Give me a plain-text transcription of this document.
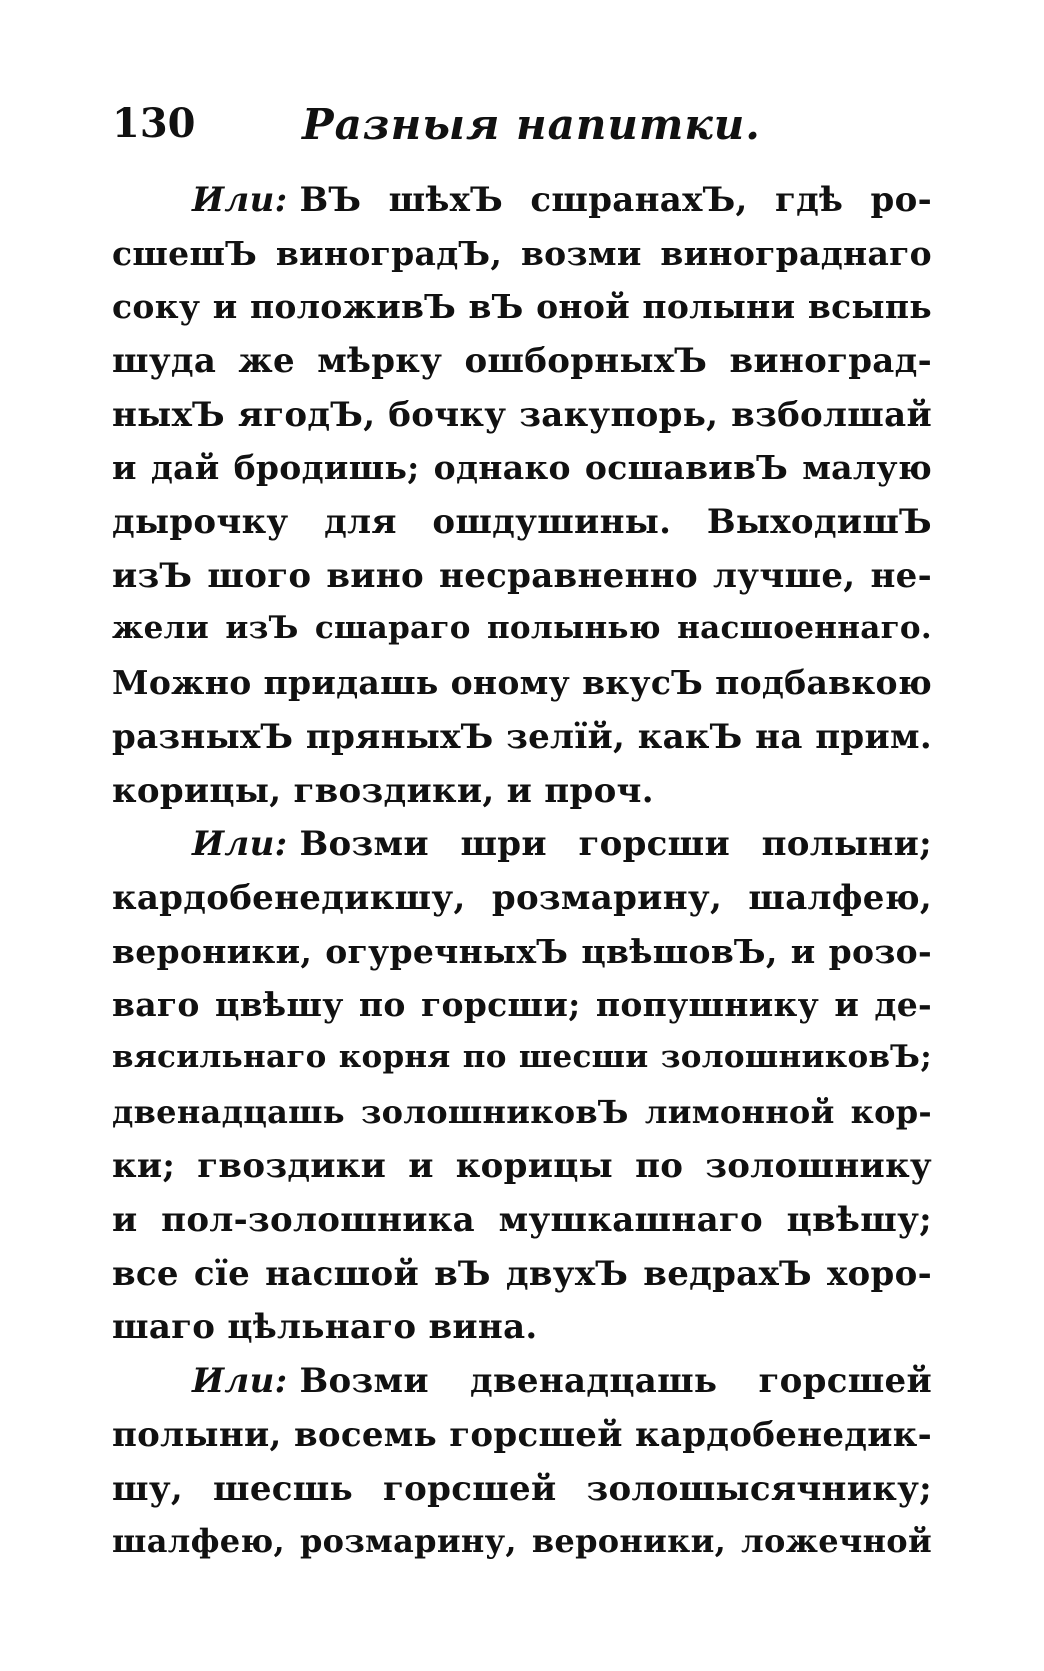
130	Разныя напитки.
Или: ВЪ шѣхЪ сшранахЪ, гдѣ ро-
сшешЪ виноградЪ, возми винограднаго
соку и положивЪ вЪ оной полыни всыпь
шуда же мѣрку ошборныхЪ виноград-
ныхЪ ягодЪ, бочку закупорь, взболшай
и дай бродишь; однако осшавивЪ малую
дырочку для ошдушины. ВыходишЪ
изЪ шого вино несравненно лучше, не-
жели изЪ сшараго полынью насшоеннаго.
Можно придашь оному вкусЪ подбавкою
разныхЪ пряныхЪ зелїй, какЪ на прим.
корицы, гвоздики, и проч.
Или: Возми шри горсши полыни;
кардобенедикшу, розмарину, шалфею,
вероники, огуречныхЪ цвѣшовЪ, и розо-
ваго цвѣшу по горсши; попушнику и де-
вясильнаго корня по шесши золошниковЪ;
двенадцашь золошниковЪ лимонной кор-
ки; гвоздики и корицы по золошнику
и пол-золошника мушкашнаго цвѣшу;
все сїе насшой вЪ двухЪ ведрахЪ хоро-
шаго цѣльнаго вина.
Или: Возми двенадцашь горсшей
полыни, восемь горсшей кардобенедик-
шу, шесшь горсшей золошысячнику;
шалфею, розмарину, вероники, ложечной
